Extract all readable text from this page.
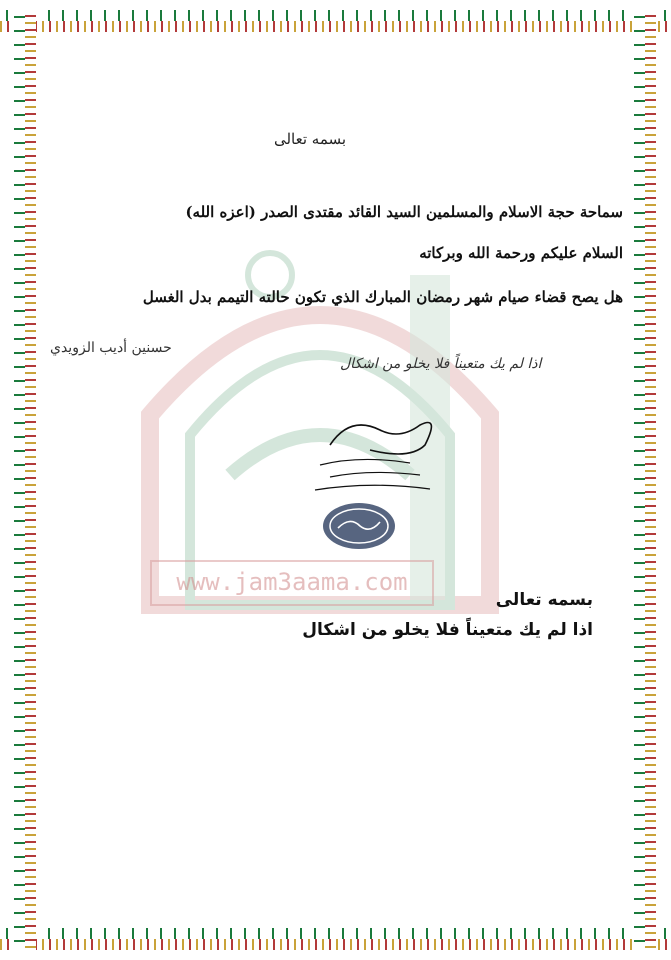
www.jam3aama.com
بسمه تعالى
سماحة حجة الاسلام والمسلمين السيد القائد مقتدى الصدر (اعزه الله)
السلام عليكم ورحمة الله وبركاته
هل يصح قضاء صيام شهر رمضان المبارك الذي تكون حالته التيمم بدل الغسل
حسنين أديب الزويدي
اذا لم يك متعيناً فلا يخلو من اشكال
بسمه تعالى
اذا لم يك متعيناً فلا يخلو من اشكال
